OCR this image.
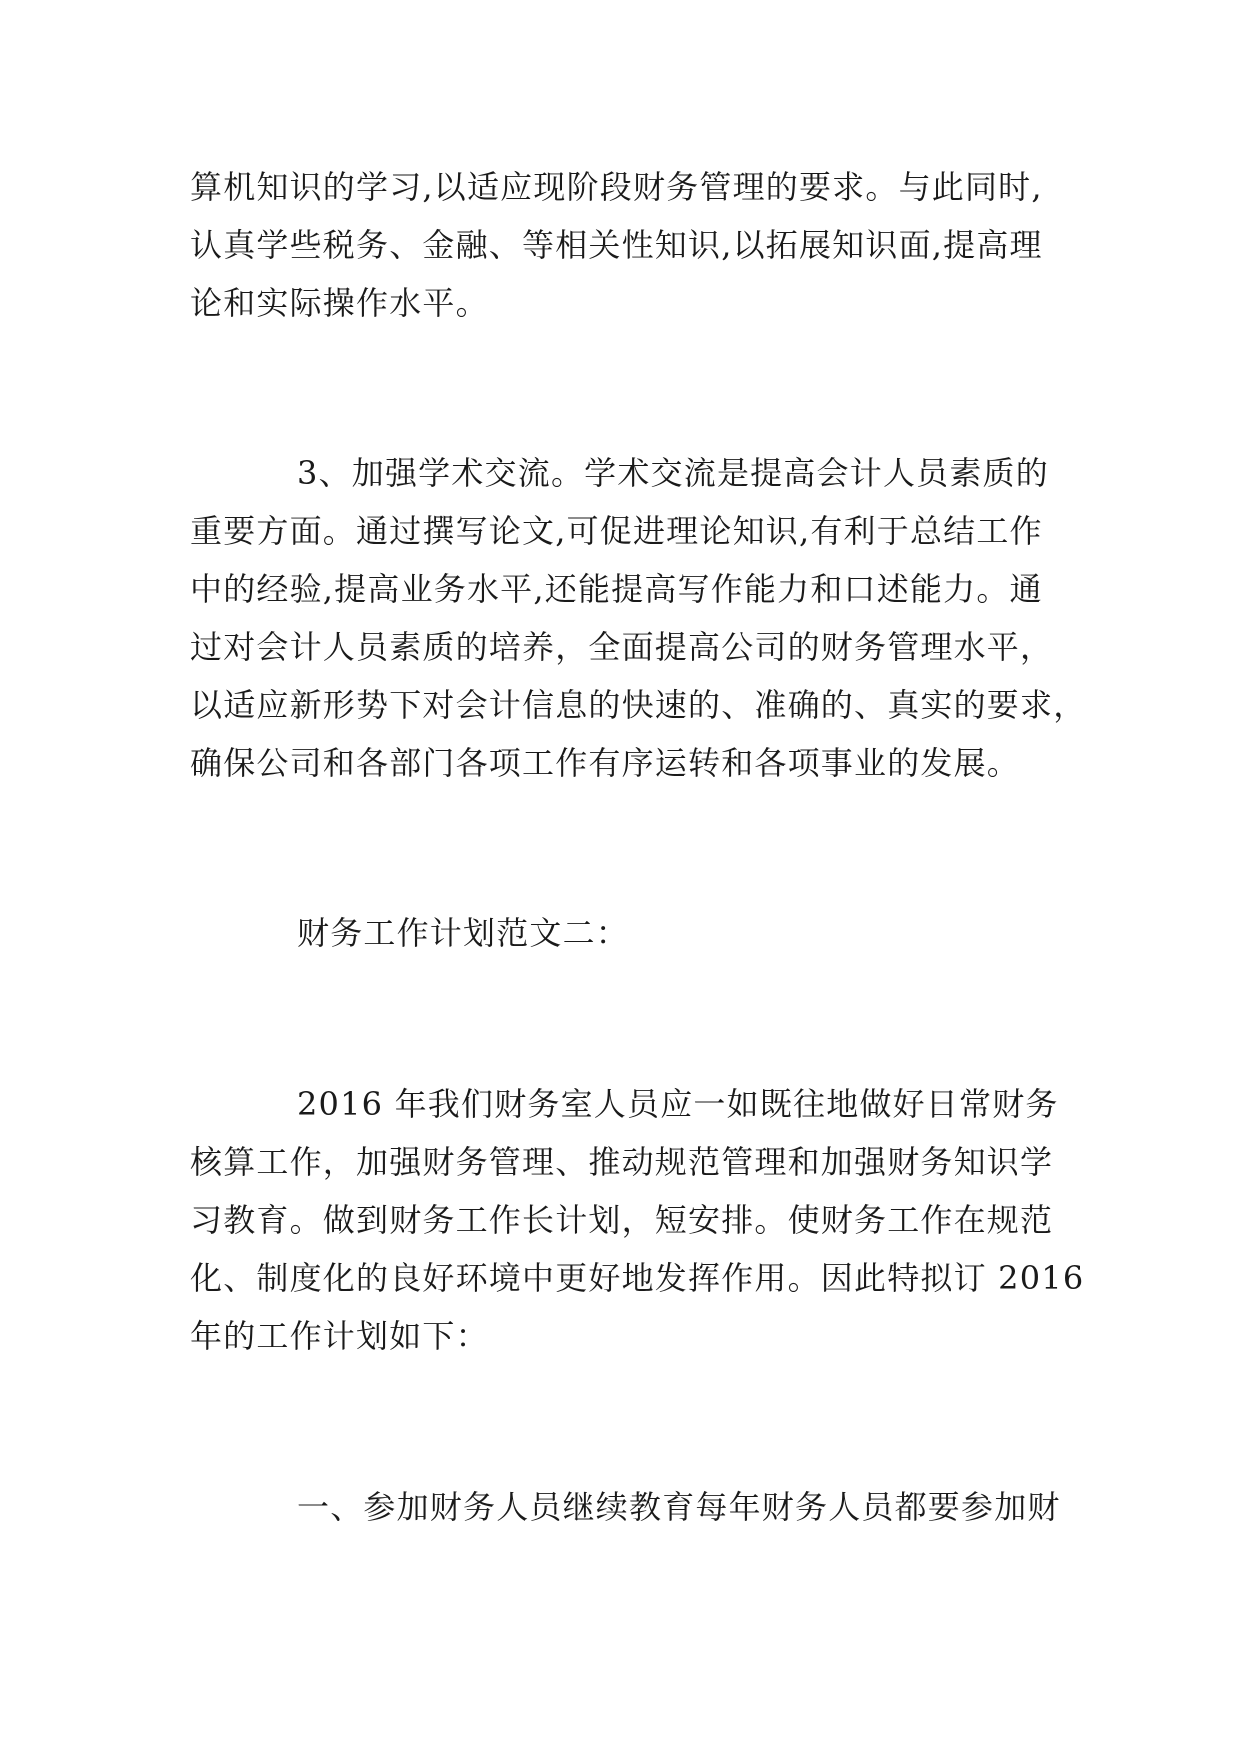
算机知识的学习,以适应现阶段财务管理的要求。与此同时,
认真学些税务、金融、等相关性知识,以拓展知识面,提高理
论和实际操作水平。
3、加强学术交流。学术交流是提高会计人员素质的
重要方面。通过撰写论文,可促进理论知识,有利于总结工作
中的经验,提高业务水平,还能提高写作能力和口述能力。通
过对会计人员素质的培养，全面提高公司的财务管理水平，
以适应新形势下对会计信息的快速的、准确的、真实的要求，
确保公司和各部门各项工作有序运转和各项事业的发展。
财务工作计划范文二：
2016 年我们财务室人员应一如既往地做好日常财务
核算工作，加强财务管理、推动规范管理和加强财务知识学
习教育。做到财务工作长计划，短安排。使财务工作在规范
化、制度化的良好环境中更好地发挥作用。因此特拟订 2016
年的工作计划如下：
一、参加财务人员继续教育每年财务人员都要参加财
